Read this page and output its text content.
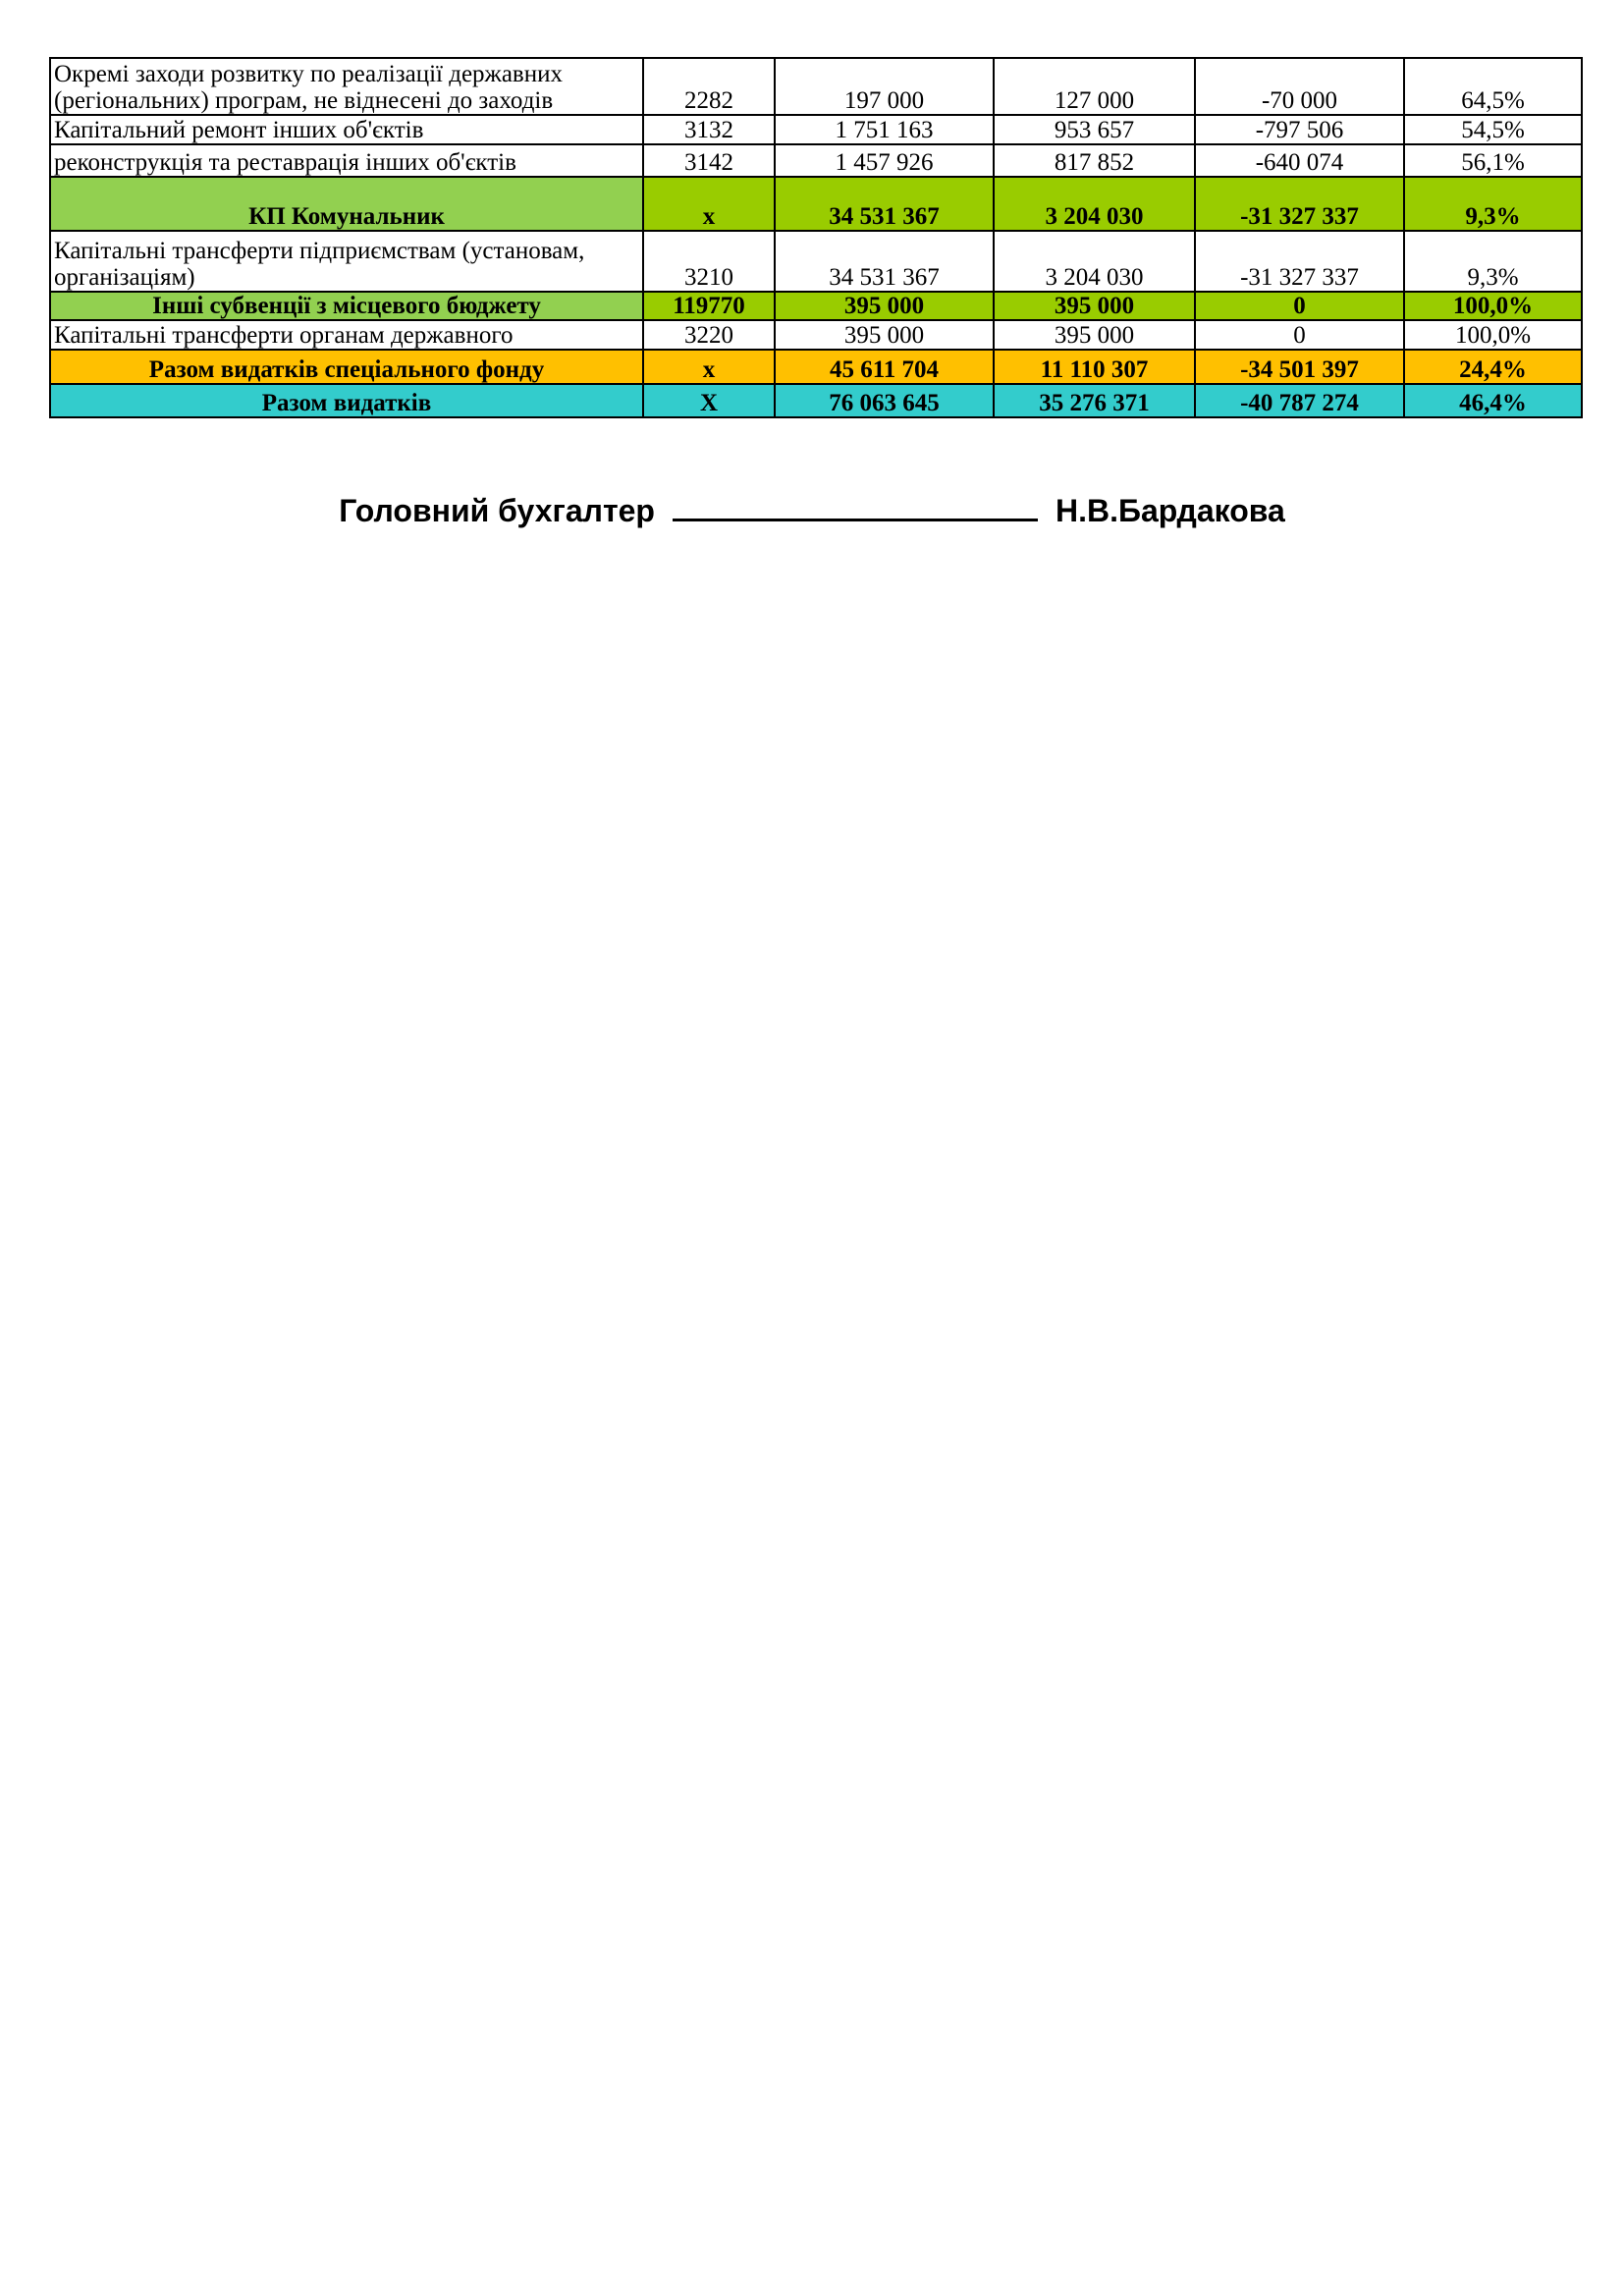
Окремі заходи розвитку по реалізації державних (регіональних) програм, не віднесені до заходів	2282	197 000	127 000	-70 000	64,5%
Капітальний ремонт інших об'єктів	3132	1 751 163	953 657	-797 506	54,5%
реконструкція та реставрація інших об'єктів	3142	1 457 926	817 852	-640 074	56,1%
КП Комунальник	х	34 531 367	3 204 030	-31 327 337	9,3%
Капітальні трансферти підприємствам (установам, організаціям)	3210	34 531 367	3 204 030	-31 327 337	9,3%
Інші субвенції з місцевого бюджету	119770	395 000	395 000	0	100,0%
Капітальні трансферти органам державного	3220	395 000	395 000	0	100,0%
Разом видатків спеціального фонду	х	45 611 704	11 110 307	-34 501 397	24,4%
Разом видатків	Х	76 063 645	35 276 371	-40 787 274	46,4%
Головний бухгалтер	Н.В.Бардакова
